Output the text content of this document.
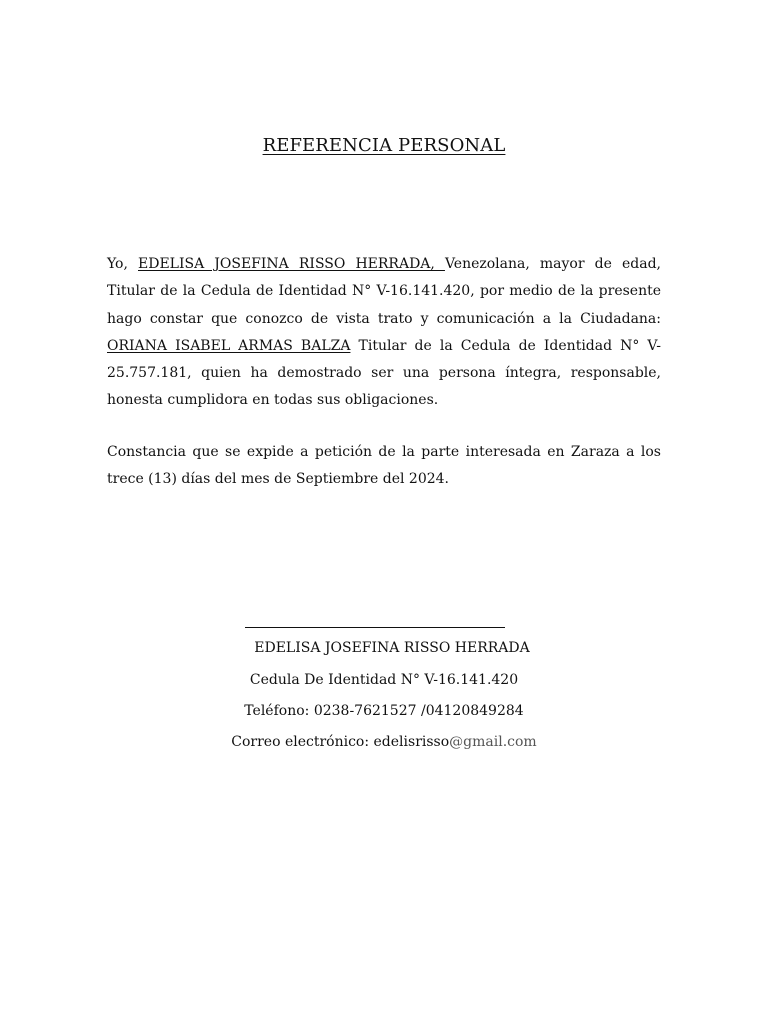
REFERENCIA PERSONAL
Yo, EDELISA JOSEFINA RISSO HERRADA, Venezolana, mayor de edad, Titular de la Cedula de Identidad N° V-16.141.420, por medio de la presente hago constar que conozco de vista trato y comunicación a la Ciudadana: ORIANA ISABEL ARMAS BALZA Titular de la Cedula de Identidad N° V-25.757.181, quien ha demostrado ser una persona íntegra, responsable, honesta cumplidora en todas sus obligaciones.
Constancia que se expide a petición de la parte interesada en Zaraza a los trece (13) días del mes de Septiembre del 2024.
EDELISA JOSEFINA RISSO HERRADA
Cedula De Identidad N° V-16.141.420
Teléfono: 0238-7621527 /04120849284
Correo electrónico: edelisrisso@gmail.com
